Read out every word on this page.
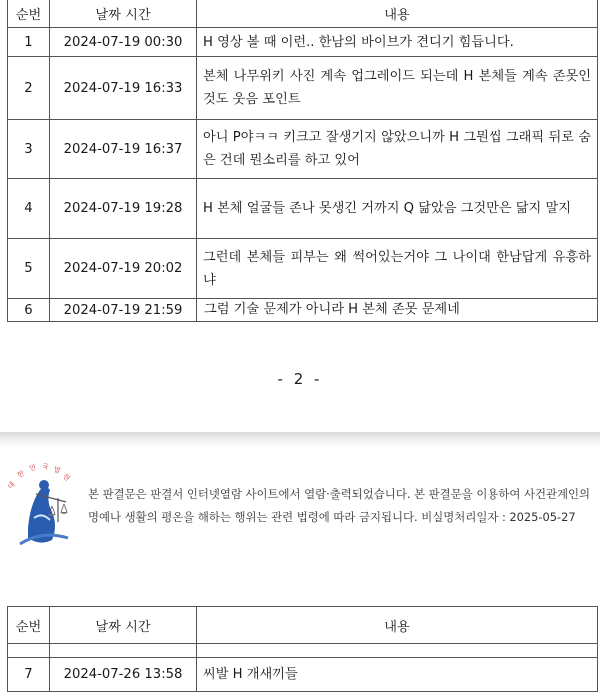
순번	날짜 시간	내용
1	2024-07-19 00:30	H 영상 볼 때 이런.. 한남의 바이브가 견디기 힘듭니다.
2	2024-07-19 16:33	본체 나무위키 사진 계속 업그레이드 되는데 H 본체들 계속 존못인 것도 웃음 포인트
3	2024-07-19 16:37	아니 P야ㅋㅋ 키크고 잘생기지 않았으니까 H 그뭔씹 그래픽 뒤로 숨은 건데 뭔소리를 하고 있어
4	2024-07-19 19:28	H 본체 얼굴들 존나 못생긴 거까지 Q 닮았음 그것만은 닮지 말지
5	2024-07-19 20:02	그런데 본체들 피부는 왜 썩어있는거야 그 나이대 한남답게 유흥하냐
6	2024-07-19 21:59	그럼 기술 문제가 아니라 H 본체 존못 문제네
- 2 -
대
한
민 국 법
원
본 판결문은 판결서 인터넷열람 사이트에서 열람·출력되었습니다. 본 판결문을 이용하여 사건관계인의
명예나 생활의 평온을 해하는 행위는 관련 법령에 따라 금지됩니다. 비실명처리일자 : 2025-05-27
순번	날짜 시간	내용

7	2024-07-26 13:58	씨발 H 개새끼들
